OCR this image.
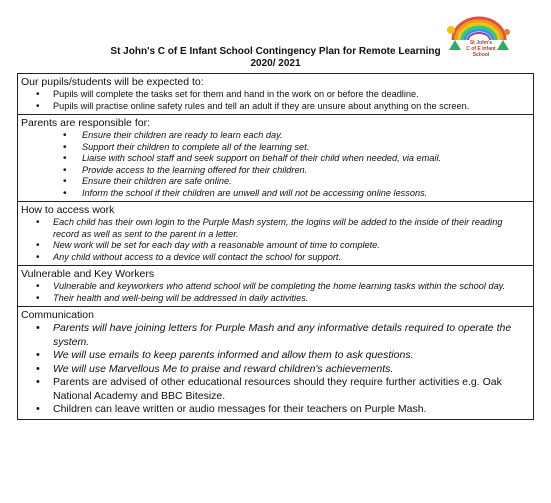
St John's
C of E Infant School
St John's C of E Infant School Contingency Plan for Remote Learning
2020/ 2021
Our pupils/students will be expected to:
• Pupils will complete the tasks set for them and hand in the work on or before the deadline.
• Pupils will practise online safety rules and tell an adult if they are unsure about anything on the screen.
Parents are responsible for:
• Ensure their children are ready to learn each day.
• Support their children to complete all of the learning set.
• Liaise with school staff and seek support on behalf of their child when needed, via email.
• Provide access to the learning offered for their children.
• Ensure their children are safe online.
• Inform the school if their children are unwell and will not be accessing online lessons.
How to access work
• Each child has their own login to the Purple Mash system, the logins will be added to the inside of their reading record as well as sent to the parent in a letter.
• New work will be set for each day with a reasonable amount of time to complete.
• Any child without access to a device will contact the school for support.
Vulnerable and Key Workers
• Vulnerable and keyworkers who attend school will be completing the home learning tasks within the school day.
• Their health and well-being will be addressed in daily activities.
Communication
• Parents will have joining letters for Purple Mash and any informative details required to operate the system.
• We will use emails to keep parents informed and allow them to ask questions.
• We will use Marvellous Me to praise and reward children's achievements.
• Parents are advised of other educational resources should they require further activities e.g. Oak National Academy and BBC Bitesize.
• Children can leave written or audio messages for their teachers on Purple Mash.
